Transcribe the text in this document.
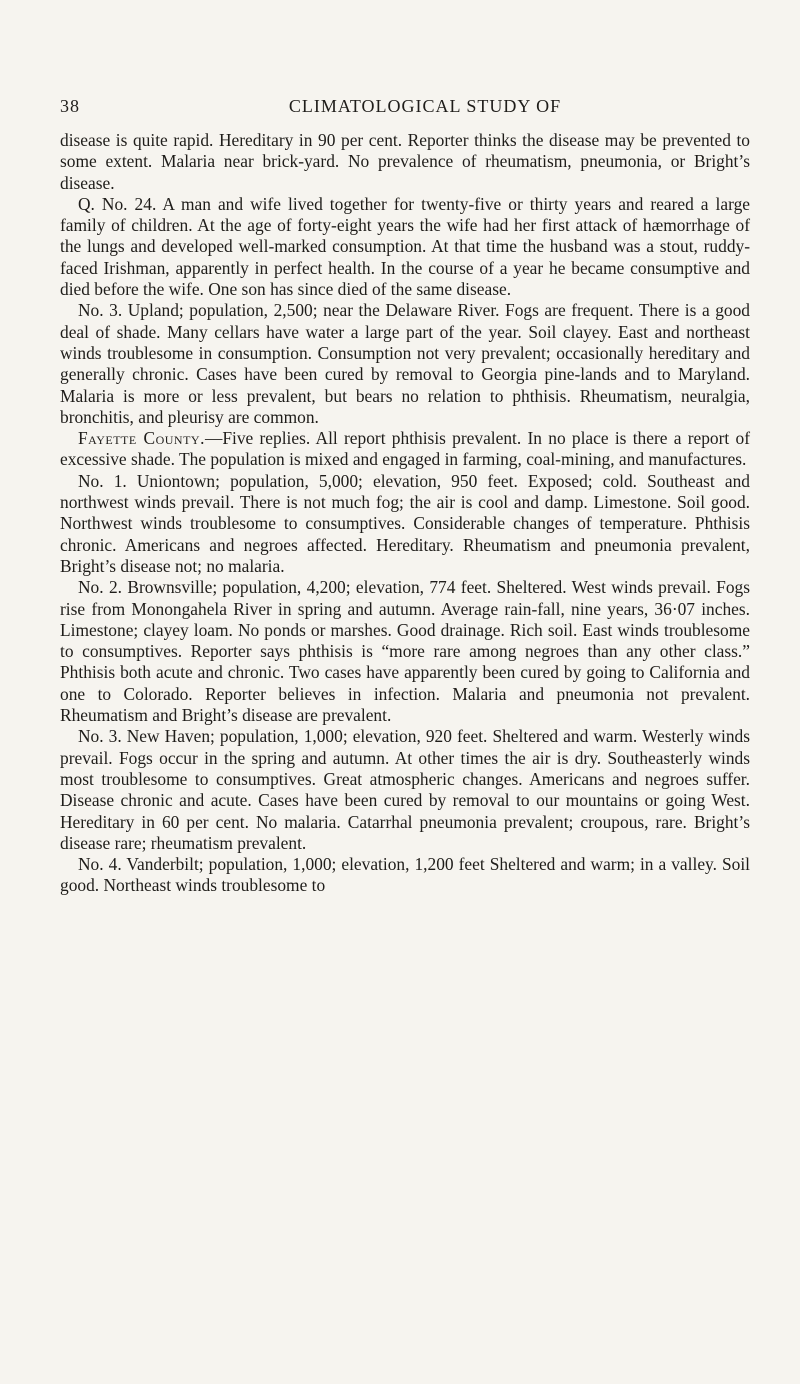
38	CLIMATOLOGICAL STUDY OF

disease is quite rapid. Hereditary in 90 per cent. Reporter thinks the disease may be prevented to some extent. Malaria near brick-yard. No prevalence of rheumatism, pneumonia, or Bright’s disease.

Q. No. 24. A man and wife lived together for twenty-five or thirty years and reared a large family of children. At the age of forty-eight years the wife had her first attack of hæmorrhage of the lungs and developed well-marked consumption. At that time the husband was a stout, ruddy-faced Irishman, apparently in perfect health. In the course of a year he became consumptive and died before the wife. One son has since died of the same disease.

No. 3. Upland; population, 2,500; near the Delaware River. Fogs are frequent. There is a good deal of shade. Many cellars have water a large part of the year. Soil clayey. East and northeast winds troublesome in consumption. Consumption not very prevalent; occasionally hereditary and generally chronic. Cases have been cured by removal to Georgia pine-lands and to Maryland. Malaria is more or less prevalent, but bears no relation to phthisis. Rheumatism, neuralgia, bronchitis, and pleurisy are common.

Fayette County.—Five replies. All report phthisis prevalent. In no place is there a report of excessive shade. The population is mixed and engaged in farming, coal-mining, and manufactures.

No. 1. Uniontown; population, 5,000; elevation, 950 feet. Exposed; cold. Southeast and northwest winds prevail. There is not much fog; the air is cool and damp. Limestone. Soil good. Northwest winds troublesome to consumptives. Considerable changes of temperature. Phthisis chronic. Americans and negroes affected. Hereditary. Rheumatism and pneumonia prevalent, Bright’s disease not; no malaria.

No. 2. Brownsville; population, 4,200; elevation, 774 feet. Sheltered. West winds prevail. Fogs rise from Monongahela River in spring and autumn. Average rain-fall, nine years, 36·07 inches. Limestone; clayey loam. No ponds or marshes. Good drainage. Rich soil. East winds troublesome to consumptives. Reporter says phthisis is “more rare among negroes than any other class.” Phthisis both acute and chronic. Two cases have apparently been cured by going to California and one to Colorado. Reporter believes in infection. Malaria and pneumonia not prevalent. Rheumatism and Bright’s disease are prevalent.

No. 3. New Haven; population, 1,000; elevation, 920 feet. Sheltered and warm. Westerly winds prevail. Fogs occur in the spring and autumn. At other times the air is dry. Southeasterly winds most troublesome to consumptives. Great atmospheric changes. Americans and negroes suffer. Disease chronic and acute. Cases have been cured by removal to our mountains or going West. Hereditary in 60 per cent. No malaria. Catarrhal pneumonia prevalent; croupous, rare. Bright’s disease rare; rheumatism prevalent.

No. 4. Vanderbilt; population, 1,000; elevation, 1,200 feet Sheltered and warm; in a valley. Soil good. Northeast winds troublesome to
